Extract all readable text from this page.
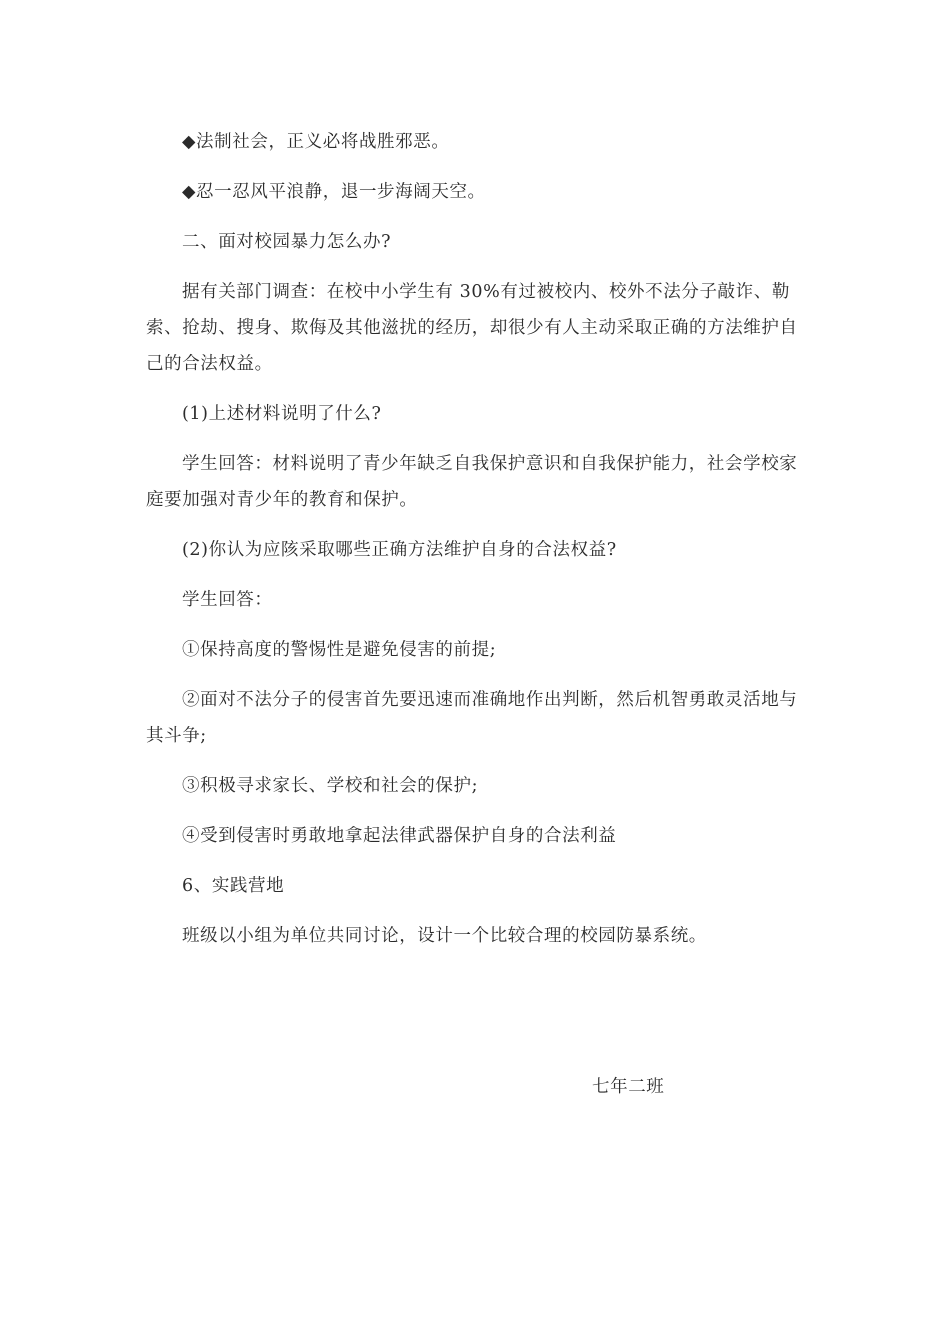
◆法制社会，正义必将战胜邪恶。

◆忍一忍风平浪静，退一步海阔天空。

二、面对校园暴力怎么办?

据有关部门调查：在校中小学生有 30%有过被校内、校外不法分子敲诈、勒索、抢劫、搜身、欺侮及其他滋扰的经历，却很少有人主动采取正确的方法维护自己的合法权益。

(1)上述材料说明了什么?

学生回答：材料说明了青少年缺乏自我保护意识和自我保护能力，社会学校家庭要加强对青少年的教育和保护。

(2)你认为应陔采取哪些正确方法维护自身的合法权益?

学生回答：

①保持高度的警惕性是避免侵害的前提;

②面对不法分子的侵害首先要迅速而准确地作出判断，然后机智勇敢灵活地与其斗争;

③积极寻求家长、学校和社会的保护;

④受到侵害时勇敢地拿起法律武器保护自身的合法利益

6、实践营地

班级以小组为单位共同讨论，设计一个比较合理的校园防暴系统。

七年二班
